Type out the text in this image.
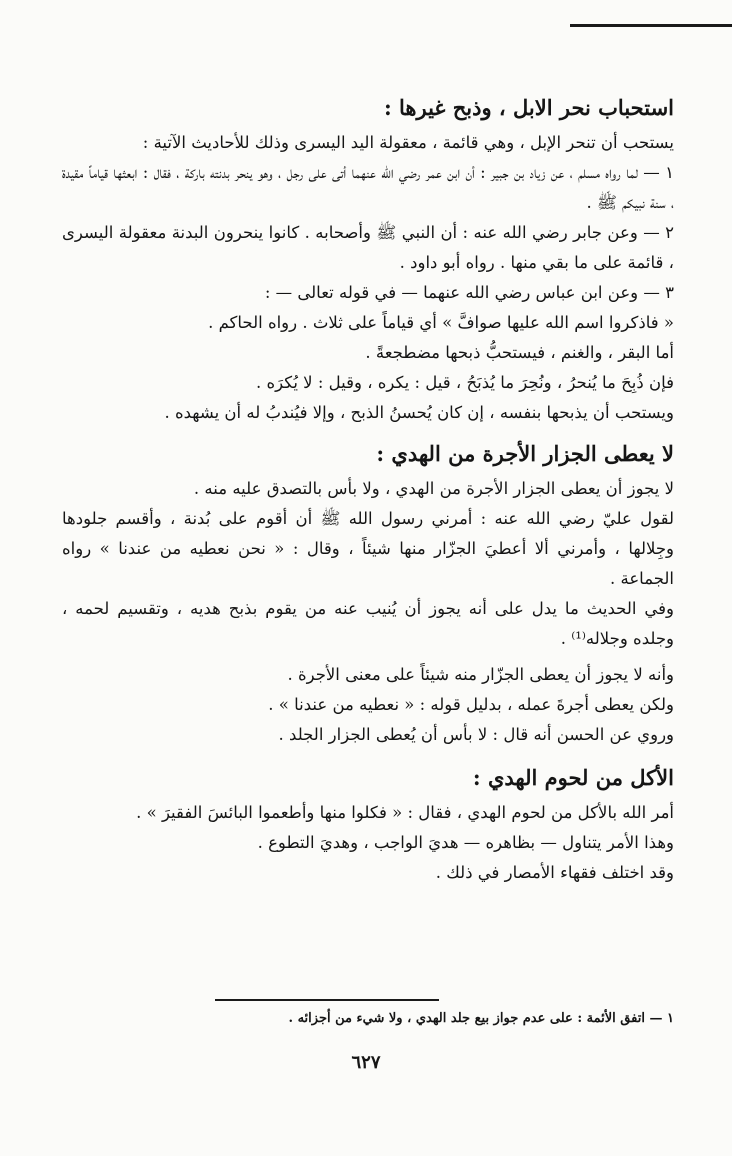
استحباب نحر الابل ، وذبح غيرها :

يستحب أن تنحر الإبل ، وهي قائمة ، معقولة اليد اليسرى وذلك للأحاديث الآتية :

١ — لما رواه مسلم ، عن زياد بن جبير : أن ابن عمر رضي الله عنهما أتى على رجل ، وهو ينحر بدنته باركة ، فقال : ابعثها قياماً مقيدة ، سنة نبيكم ﷺ .

٢ — وعن جابر رضي الله عنه : أن النبي ﷺ وأصحابه . كانوا ينحرون البدنة معقولة اليسرى ، قائمة على ما بقي منها . رواه أبو داود .

٣ — وعن ابن عباس رضي الله عنهما — في قوله تعالى — :

« فاذكروا اسم الله عليها صوافَّ » أي قياماً على ثلاث . رواه الحاكم .

أما البقر ، والغنم ، فيستحبُّ ذبحها مضطجعةً .

فإن ذُبِحَ ما يُنحرُ ، ونُحِرَ ما يُذبَحُ ، قيل : يكره ، وقيل : لا يُكرَه .

ويستحب أن يذبحها بنفسه ، إن كان يُحسنُ الذبح ، وإلا فيُندبُ له أن يشهده .

لا يعطى الجزار الأجرة من الهدي :

لا يجوز أن يعطى الجزار الأجرة من الهدي ، ولا بأس بالتصدق عليه منه .

لقول عليّ رضي الله عنه : أمرني رسول الله ﷺ أن أقوم على بُدنة ، وأقسم جلودها وجِلالها ، وأمرني ألا أعطيَ الجزّار منها شيئاً ، وقال : « نحن نعطيه من عندنا » رواه الجماعة .

وفي الحديث ما يدل على أنه يجوز أن يُنيب عنه من يقوم بذبح هديه ، وتقسيم لحمه ، وجلده وجلاله⁽¹⁾ .

وأنه لا يجوز أن يعطى الجزّار منه شيئاً على معنى الأجرة .

ولكن يعطى أجرةَ عمله ، بدليل قوله : « نعطيه من عندنا » .

وروي عن الحسن أنه قال : لا بأس أن يُعطى الجزار الجلد .

الأكل من لحوم الهدي :

أمر الله بالأكل من لحوم الهدي ، فقال : « فكلوا منها وأطعموا البائسَ الفقيرَ » .

وهذا الأمر يتناول — بظاهره — هديَ الواجب ، وهديَ التطوع .

وقد اختلف فقهاء الأمصار في ذلك .

١ — اتفق الأئمة : على عدم جواز بيع جلد الهدي ، ولا شيء من أجزائه .
٦٢٧
